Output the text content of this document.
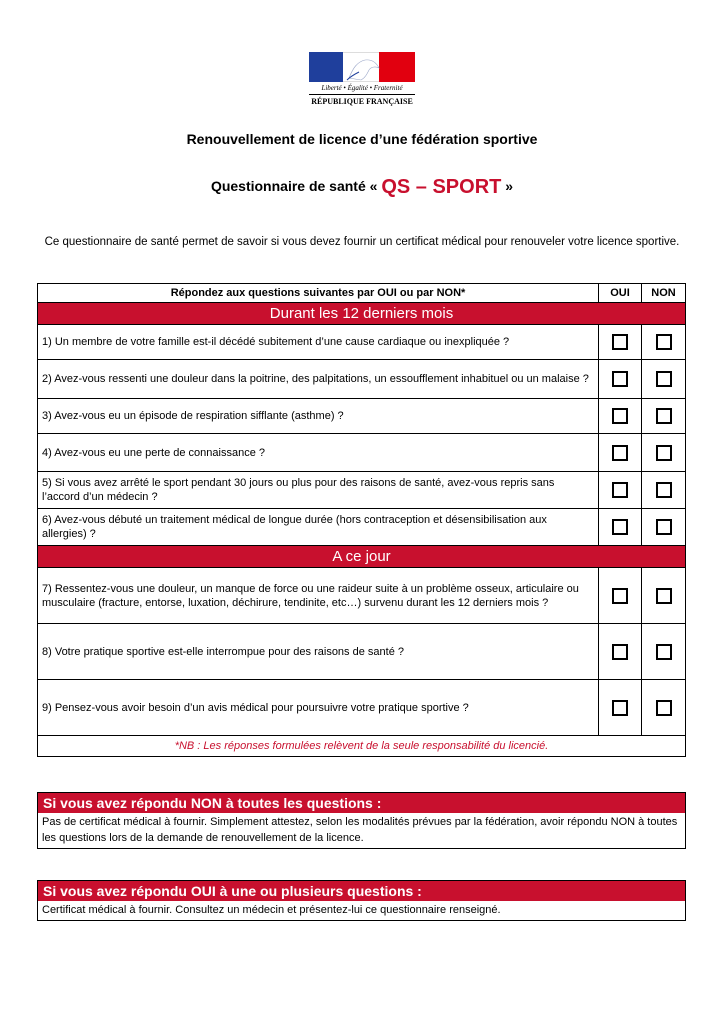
Liberté • Égalité • Fraternité
RÉPUBLIQUE FRANÇAISE
Renouvellement de licence d’une fédération sportive
Questionnaire de santé « QS – SPORT »
Ce questionnaire de santé permet de savoir si vous devez fournir un certificat médical pour renouveler votre licence sportive.
Répondez aux questions suivantes par OUI ou par NON*	OUI	NON
Durant les 12 derniers mois
1) Un membre de votre famille est-il décédé subitement d’une cause cardiaque ou inexpliquée ?
2) Avez-vous ressenti une douleur dans la poitrine, des palpitations, un essoufflement inhabituel ou un malaise ?
3) Avez-vous eu un épisode de respiration sifflante (asthme) ?
4) Avez-vous eu une perte de connaissance ?
5) Si vous avez arrêté le sport pendant 30 jours ou plus pour des raisons de santé, avez-vous repris sans l’accord d’un médecin ?
6) Avez-vous débuté un traitement médical de longue durée (hors contraception et désensibilisation aux allergies) ?
A ce jour
7) Ressentez-vous une douleur, un manque de force ou une raideur suite à un problème osseux, articulaire ou musculaire (fracture, entorse, luxation, déchirure, tendinite, etc…) survenu durant les 12 derniers mois ?
8) Votre pratique sportive est-elle interrompue pour des raisons de santé ?
9) Pensez-vous avoir besoin d’un avis médical pour poursuivre votre pratique sportive ?
*NB : Les réponses formulées relèvent de la seule responsabilité du licencié.
Si vous avez répondu NON à toutes les questions :
Pas de certificat médical à fournir. Simplement attestez, selon les modalités prévues par la fédération, avoir répondu NON à toutes les questions lors de la demande de renouvellement de la licence.
Si vous avez répondu OUI à une ou plusieurs questions :
Certificat médical à fournir. Consultez un médecin et présentez-lui ce questionnaire renseigné.
